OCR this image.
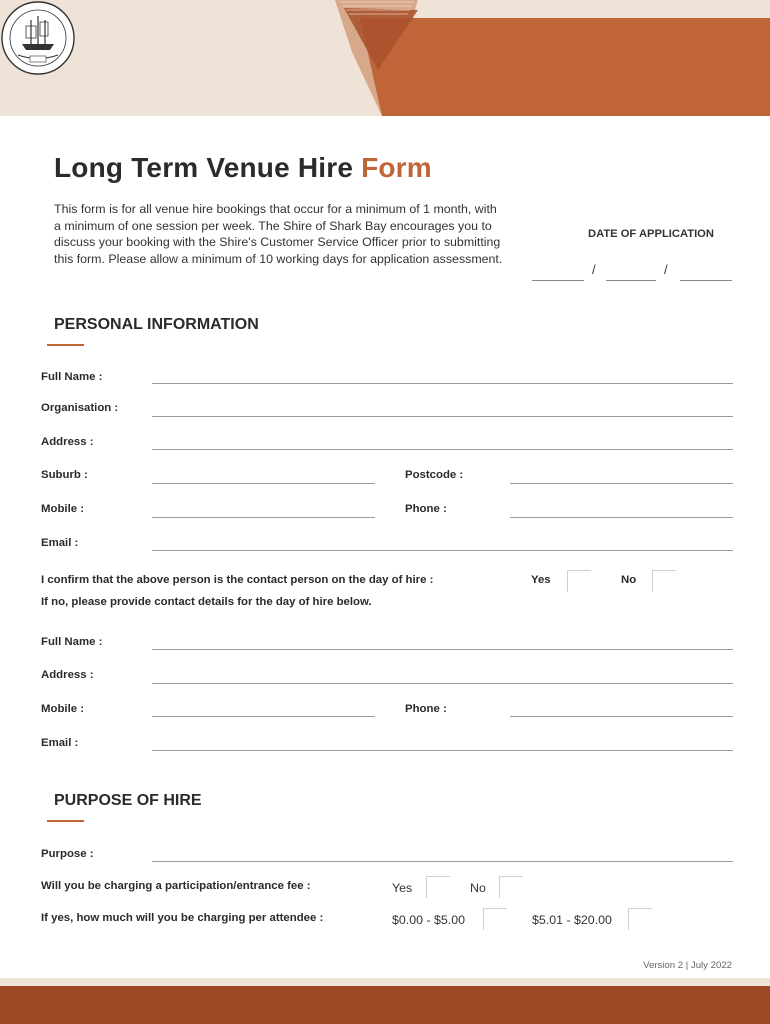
Long Term Venue Hire Form

This form is for all venue hire bookings that occur for a minimum of 1 month, with a minimum of one session per week. The Shire of Shark Bay encourages you to discuss your booking with the Shire's Customer Service Officer prior to submitting this form. Please allow a minimum of 10 working days for application assessment.

DATE OF APPLICATION
/	/
PERSONAL INFORMATION
Full Name :
Organisation :
Address :
Suburb :	Postcode :
Mobile :	Phone :
Email :
I confirm that the above person is the contact person on the day of hire :	Yes	No
If no, please provide contact details for the day of hire below.
Full Name :
Address :
Mobile :	Phone :
Email :
PURPOSE OF HIRE
Purpose :
Will you be charging a participation/entrance fee :	Yes	No
If yes, how much will you be charging per attendee :	$0.00 - $5.00	$5.01 - $20.00
Version 2 | July 2022
